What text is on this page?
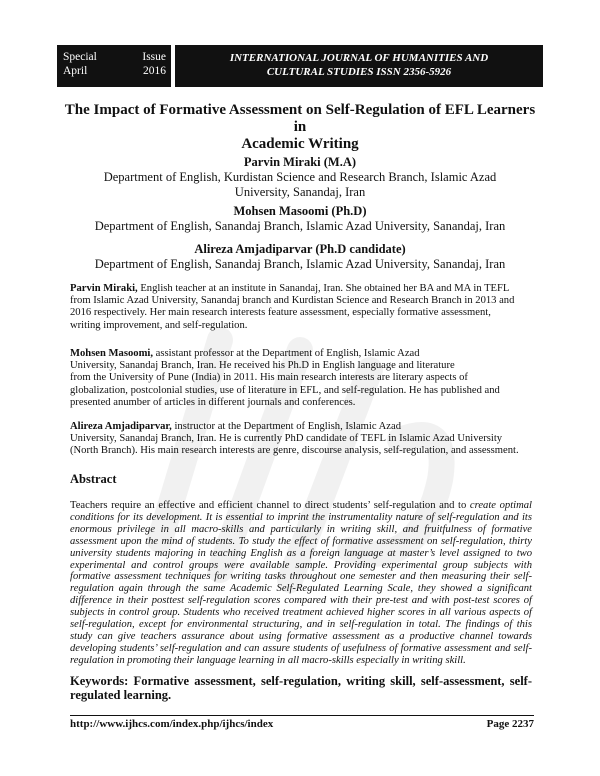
Special	Issue
April	2016
INTERNATIONAL JOURNAL OF HUMANITIES AND
CULTURAL STUDIES ISSN 2356-5926
The Impact of Formative Assessment on Self-Regulation of EFL Learners in
Academic Writing
Parvin Miraki (M.A)
Department of English, Kurdistan Science and Research Branch, Islamic Azad
University, Sanandaj, Iran
Mohsen Masoomi (Ph.D)
Department of English, Sanandaj Branch, Islamic Azad University, Sanandaj, Iran
Alireza Amjadiparvar (Ph.D candidate)
Department of English, Sanandaj Branch, Islamic Azad University, Sanandaj, Iran
Parvin Miraki, English teacher at an institute in Sanandaj, Iran. She obtained her BA and MA in TEFL
from Islamic Azad University, Sanandaj branch and Kurdistan Science and Research Branch in 2013 and
2016 respectively. Her main research interests feature assessment, especially formative assessment,
writing improvement, and self-regulation.
Mohsen Masoomi, assistant professor at the Department of English, Islamic Azad
University, Sanandaj Branch, Iran. He received his Ph.D in English language and literature
from the University of Pune (India) in 2011. His main research interests are literary aspects of
globalization, postcolonial studies, use of literature in EFL, and self-regulation. He has published and
presented anumber of articles in different journals and conferences.
Alireza Amjadiparvar, instructor at the Department of English, Islamic Azad
University, Sanandaj Branch, Iran. He is currently PhD candidate of TEFL in Islamic Azad University
(North Branch). His main research interests are genre, discourse analysis, self-regulation, and assessment.
Abstract
Teachers require an effective and efficient channel to direct students’ self-regulation and to create optimal conditions for its development. It is essential to imprint the instrumentality nature of self-regulation and its enormous privilege in all macro-skills and particularly in writing skill, and fruitfulness of formative assessment upon the mind of students. To study the effect of formative assessment on self-regulation, thirty university students majoring in teaching English as a foreign language at master’s level assigned to two experimental and control groups were available sample. Providing experimental group subjects with formative assessment techniques for writing tasks throughout one semester and then measuring their self-regulation again through the same Academic Self-Regulated Learning Scale, they showed a significant difference in their posttest self-regulation scores compared with their pre-test and with post-test scores of subjects in control group. Students who received treatment achieved higher scores in all various aspects of self-regulation, except for environmental structuring, and in self-regulation in total. The findings of this study can give teachers assurance about using formative assessment as a productive channel towards developing students’ self-regulation and can assure students of usefulness of formative assessment and self-regulation in promoting their language learning in all macro-skills especially in writing skill.
Keywords: Formative assessment, self-regulation, writing skill, self-assessment, self-regulated learning.
http://www.ijhcs.com/index.php/ijhcs/index	Page 2237
